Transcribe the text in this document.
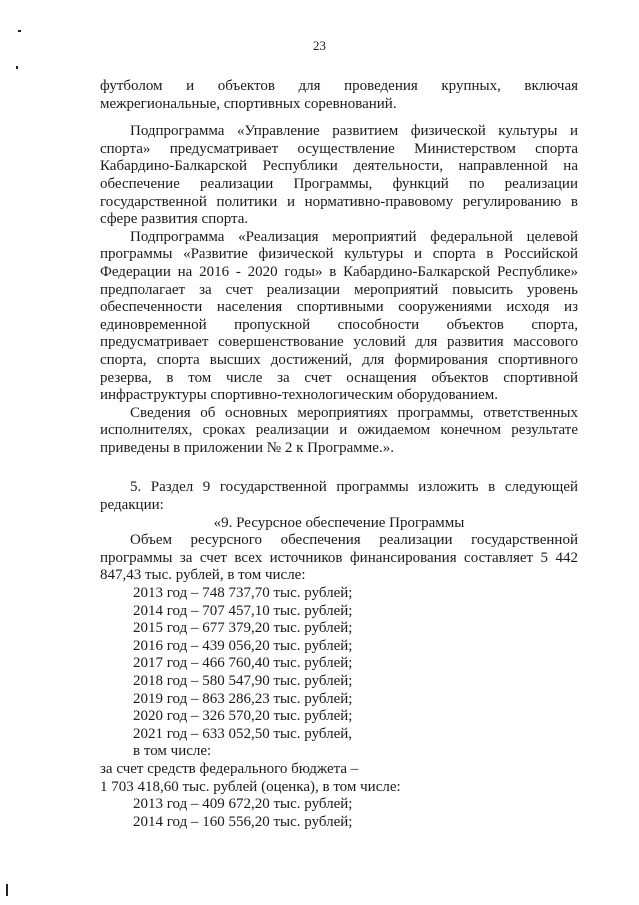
23

футболом и объектов для проведения крупных, включая межрегиональные, спортивных соревнований.

Подпрограмма «Управление развитием физической культуры и спорта» предусматривает осуществление Министерством спорта Кабардино-Балкарской Республики деятельности, направленной на обеспечение реализации Программы, функций по реализации государственной политики и нормативно-правовому регулированию в сфере развития спорта.

Подпрограмма «Реализация мероприятий федеральной целевой программы «Развитие физической культуры и спорта в Российской Федерации на 2016 - 2020 годы» в Кабардино-Балкарской Республике» предполагает за счет реализации мероприятий повысить уровень обеспеченности населения спортивными сооружениями исходя из единовременной пропускной способности объектов спорта, предусматривает совершенствование условий для развития массового спорта, спорта высших достижений, для формирования спортивного резерва, в том числе за счет оснащения объектов спортивной инфраструктуры спортивно-технологическим оборудованием.

Сведения об основных мероприятиях программы, ответственных исполнителях, сроках реализации и ожидаемом конечном результате приведены в приложении № 2 к Программе.».

5. Раздел 9 государственной программы изложить в следующей редакции:

«9. Ресурсное обеспечение Программы

Объем ресурсного обеспечения реализации государственной программы за счет всех источников финансирования составляет 5 442 847,43 тыс. рублей, в том числе:

2013 год – 748 737,70 тыс. рублей;
2014 год – 707 457,10 тыс. рублей;
2015 год – 677 379,20 тыс. рублей;
2016 год – 439 056,20 тыс. рублей;
2017 год – 466 760,40 тыс. рублей;
2018 год – 580 547,90 тыс. рублей;
2019 год – 863 286,23 тыс. рублей;
2020 год – 326 570,20 тыс. рублей;
2021 год – 633 052,50 тыс. рублей,
в том числе:

за счет средств федерального бюджета –

1 703 418,60 тыс. рублей (оценка), в том числе:

2013 год – 409 672,20 тыс. рублей;
2014 год – 160 556,20 тыс. рублей;
